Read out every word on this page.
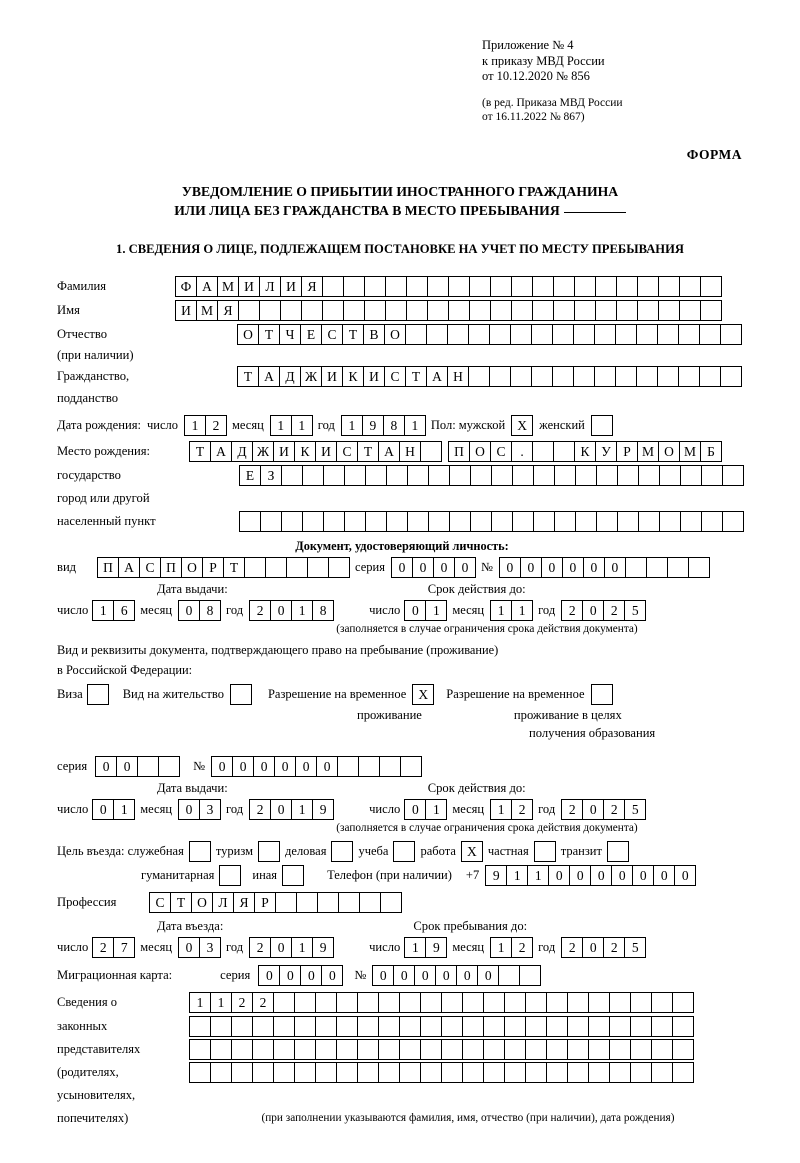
Приложение № 4
к приказу МВД России
от 10.12.2020 № 856
(в ред. Приказа МВД России
от 16.11.2022 № 867)
ФОРМА
УВЕДОМЛЕНИЕ О ПРИБЫТИИ ИНОСТРАННОГО ГРАЖДАНИНА
ИЛИ ЛИЦА БЕЗ ГРАЖДАНСТВА В МЕСТО ПРЕБЫВАНИЯ
1. СВЕДЕНИЯ О ЛИЦЕ, ПОДЛЕЖАЩЕМ ПОСТАНОВКЕ НА УЧЕТ ПО МЕСТУ ПРЕБЫВАНИЯ
Фамилия	Ф А М И Л И Я
Имя	И М Я
Отчество	О Т Ч Е С Т В О
(при наличии)
Гражданство,	Т А Д Ж И К И С Т А Н
подданство
Дата рождения: число	1	2	месяц	1	1	год	1	9	8	1	Пол: мужской Х женский
Место рождения:	Т А Д Ж И К И С Т А Н	П О С	.	К У Р М О М Б
государство	Е З
город или другой
населенный пункт
Документ, удостоверяющий личность:
вид	П А С П О Р Т	серия	0	0	0	0	№	0	0	0	0	0	0
Дата выдачи:	Срок действия до:
число 1	6	месяц	0	8	год	2	0	1	8	число 0	1	месяц	1	1	год	2	0	2	5
(заполняется в случае ограничения срока действия документа)
Вид и реквизиты документа, подтверждающего право на пребывание (проживание)
в Российской Федерации:
Виза	Вид на жительство	Разрешение на временное Х	Разрешение на временное
проживание	проживание в целях
получения образования
серия	0	0	№	0	0	0	0	0	0
Дата выдачи:	Срок действия до:
число 0	1	месяц	0	3	год	2	0	1	9	число 0	1	месяц	1	2	год	2	0	2	5
(заполняется в случае ограничения срока действия документа)
Цель въезда: служебная	туризм	деловая	учеба	работа Х частная	транзит
гуманитарная	иная	Телефон (при наличии) +7	9	1	1	0	0	0	0	0	0	0
Профессия	С Т О Л Я Р
Дата въезда:	Срок пребывания до:
число 2	7	месяц	0	3	год	2	0	1	9	число 1	9	месяц	1	2	год	2	0	2	5
Миграционная карта:	серия	0	0	0	0	№	0	0	0	0	0	0
Сведения о	1	1	2	2
законных
представителях
(родителях,
усыновителях,
попечителях)	(при заполнении указываются фамилия, имя, отчество (при наличии), дата рождения)
